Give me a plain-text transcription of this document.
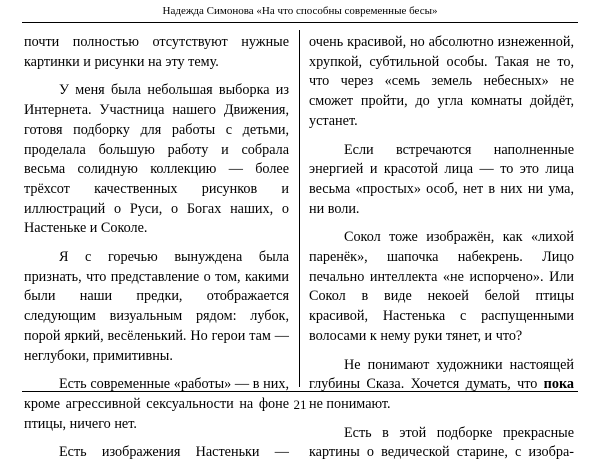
Надежда Симонова «На что способны современные бесы»

почти полностью отсутствуют нужные картинки и рисунки на эту тему.

У меня была небольшая выборка из Интернета. Участница нашего Движения, готовя подборку для работы с детьми, проделала большую работу и собрала весьма солидную коллекцию — более трёхсот качественных рисунков и иллюстраций о Руси, о Богах наших, о Настеньке и Соколе.

Я с горечью вынуждена была признать, что представление о том, какими были наши предки, отображается следующим визуальным рядом: лубок, порой яркий, весёленький. Но герои там — неглубоки, примитивны.

Есть современные «работы» — в них, кроме агрессивной сексуальности на фоне птицы, ничего нет.

Есть изображения Настеньки —

очень красивой, но абсолютно изнеженной, хрупкой, субтильной особы. Такая не то, что через «семь земель небесных» не сможет пройти, до угла комнаты дойдёт, устанет.

Если встречаются наполненные энергией и красотой лица — то это лица весьма «простых» особ, нет в них ни ума, ни воли.

Сокол тоже изображён, как «лихой паренёк», шапочка набекрень. Лицо печально интеллекта «не испорчено». Или Сокол в виде некоей белой птицы красивой, Настенька с распущенными волосами к нему руки тянет, и что?

Не понимают художники настоящей глубины Сказа. Хочется думать, что пока не понимают.

Есть в этой подборке прекрасные картины о ведической старине, с изобра-

21
